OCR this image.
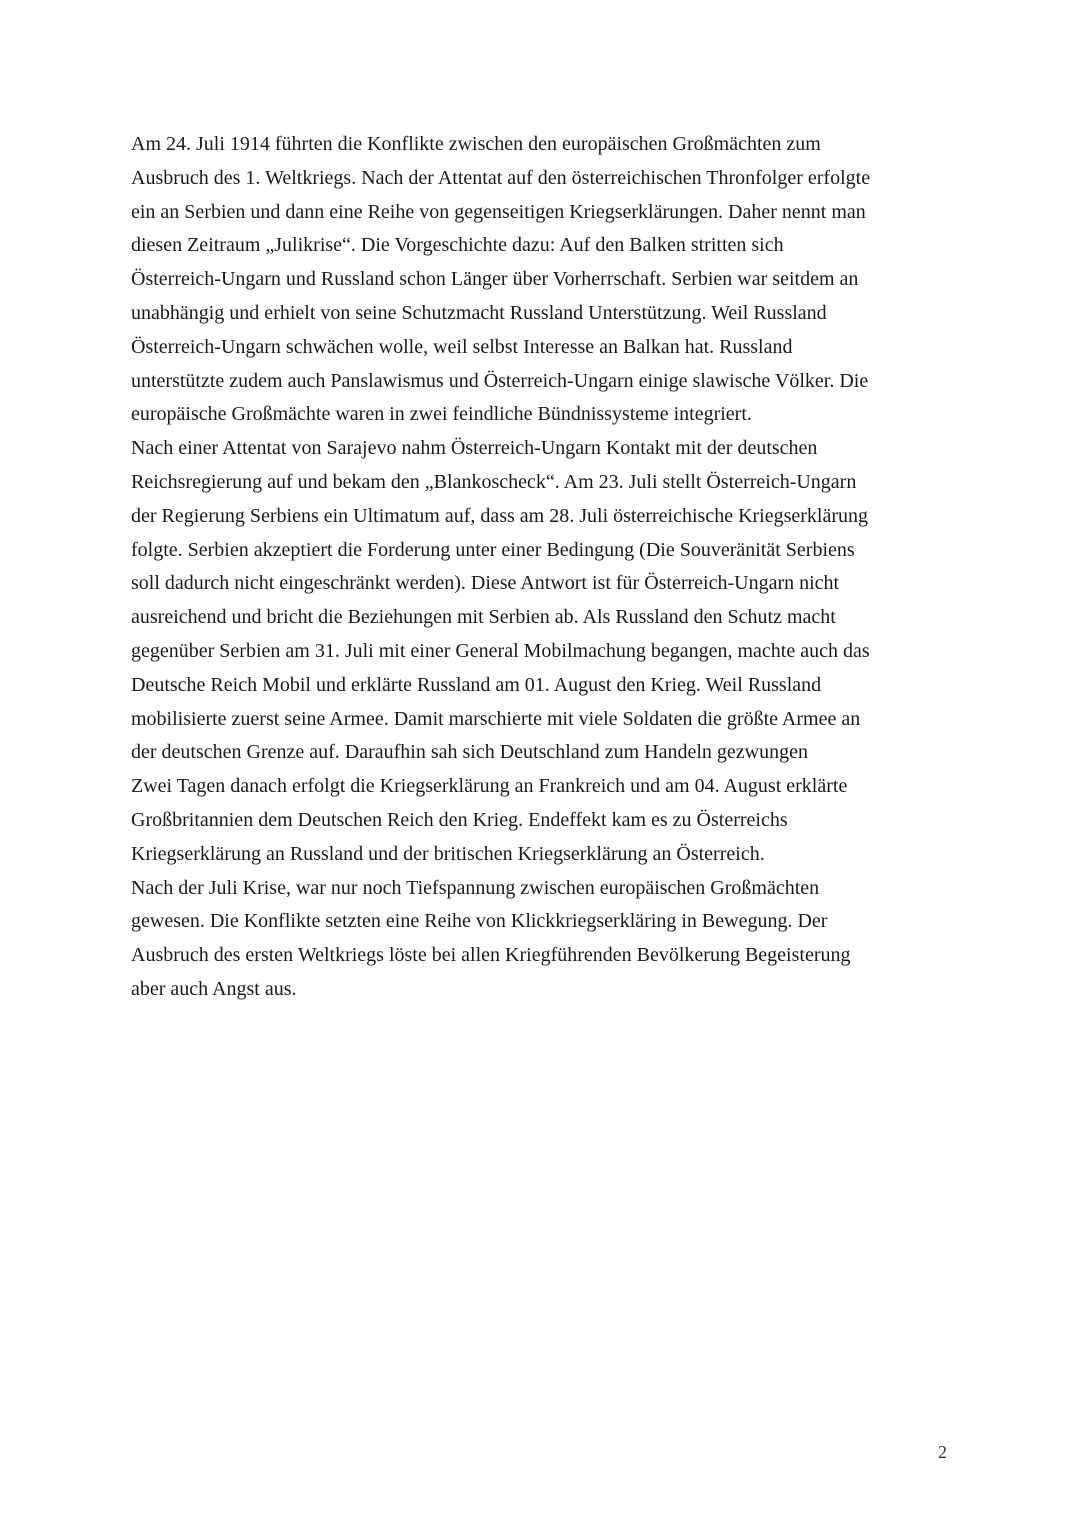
Am 24. Juli 1914 führten die Konflikte zwischen den europäischen Großmächten zum
Ausbruch des 1. Weltkriegs. Nach der Attentat auf den österreichischen Thronfolger erfolgte
ein an Serbien und dann eine Reihe von gegenseitigen Kriegserklärungen. Daher nennt man
diesen Zeitraum „Julikrise“. Die Vorgeschichte dazu: Auf den Balken stritten sich
Österreich-Ungarn und Russland schon Länger über Vorherrschaft. Serbien war seitdem an
unabhängig und erhielt von seine Schutzmacht Russland Unterstützung. Weil Russland
Österreich-Ungarn schwächen wolle, weil selbst Interesse an Balkan hat. Russland
unterstützte zudem auch Panslawismus und Österreich-Ungarn einige slawische Völker. Die
europäische Großmächte waren in zwei feindliche Bündnissysteme integriert.
Nach einer Attentat von Sarajevo nahm Österreich-Ungarn Kontakt mit der deutschen
Reichsregierung auf und bekam den „Blankoscheck“. Am 23. Juli stellt Österreich-Ungarn
der Regierung Serbiens ein Ultimatum auf, dass am 28. Juli österreichische Kriegserklärung
folgte. Serbien akzeptiert die Forderung unter einer Bedingung (Die Souveränität Serbiens
soll dadurch nicht eingeschränkt werden). Diese Antwort ist für Österreich-Ungarn nicht
ausreichend und bricht die Beziehungen mit Serbien ab. Als Russland den Schutz macht
gegenüber Serbien am 31. Juli mit einer General Mobilmachung begangen, machte auch das
Deutsche Reich Mobil und erklärte Russland am 01. August den Krieg. Weil Russland
mobilisierte zuerst seine Armee. Damit marschierte mit viele Soldaten die größte Armee an
der deutschen Grenze auf. Daraufhin sah sich Deutschland zum Handeln gezwungen
Zwei Tagen danach erfolgt die Kriegserklärung an Frankreich und am 04. August erklärte
Großbritannien dem Deutschen Reich den Krieg. Endeffekt kam es zu Österreichs
Kriegserklärung an Russland und der britischen Kriegserklärung an Österreich.
Nach der Juli Krise, war nur noch Tiefspannung zwischen europäischen Großmächten
gewesen. Die Konflikte setzten eine Reihe von Klickkriegserkläring in Bewegung. Der
Ausbruch des ersten Weltkriegs löste bei allen Kriegführenden Bevölkerung Begeisterung
aber auch Angst aus.
2
